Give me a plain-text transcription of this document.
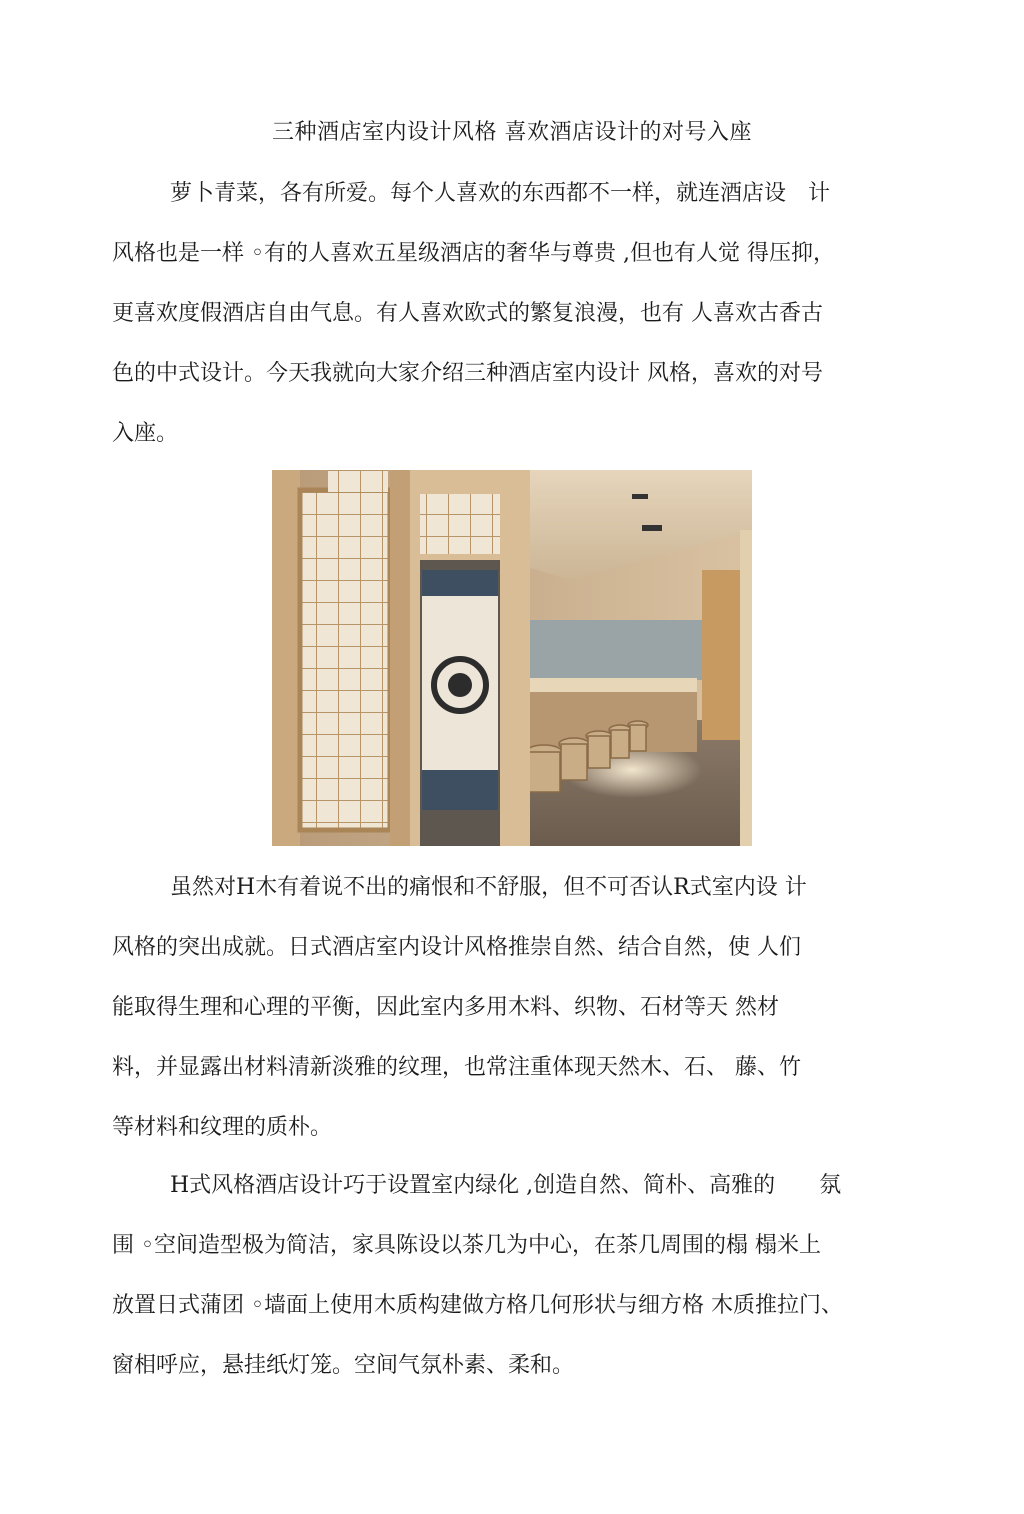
三种酒店室内设计风格 喜欢酒店设计的对号入座

萝卜青菜，各有所爱。每个人喜欢的东西都不一样，就连酒店设　计
风格也是一样 ◦有的人喜欢五星级酒店的奢华与尊贵 ,但也有人觉 得压抑，
更喜欢度假酒店自由气息。有人喜欢欧式的繁复浪漫，也有 人喜欢古香古
色的中式设计。今天我就向大家介绍三种酒店室内设计 风格，喜欢的对号
入座。

虽然对H木有着说不出的痛恨和不舒服，但不可否认R式室内设 计
风格的突出成就。日式酒店室内设计风格推崇自然、结合自然，使 人们
能取得生理和心理的平衡，因此室内多用木料、织物、石材等天 然材
料，并显露出材料清新淡雅的纹理，也常注重体现天然木、石、 藤、竹
等材料和纹理的质朴。

H式风格酒店设计巧于设置室内绿化 ,创造自然、简朴、高雅的　　氛
围 ◦空间造型极为简洁，家具陈设以茶几为中心，在茶几周围的榻 榻米上
放置日式蒲团 ◦墙面上使用木质构建做方格几何形状与细方格 木质推拉门、
窗相呼应，悬挂纸灯笼。空间气氛朴素、柔和。
